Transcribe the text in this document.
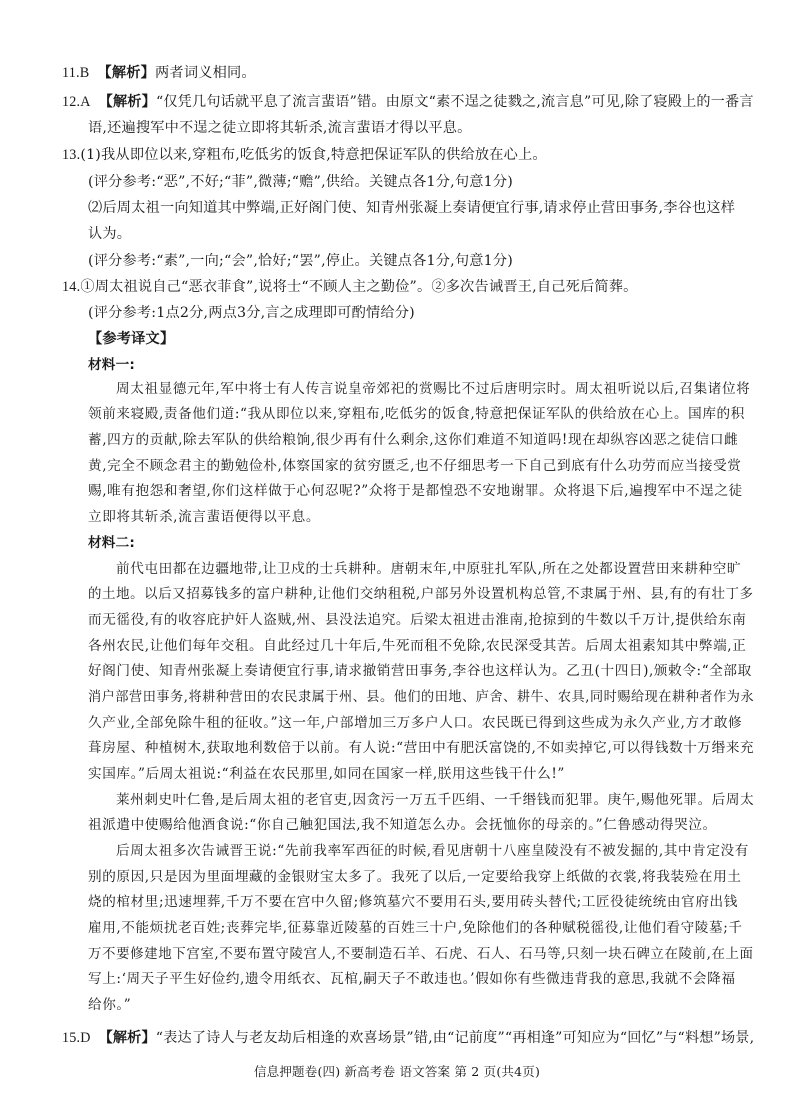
11.B 【解析】两者词义相同。
12.A 【解析】“仅凭几句话就平息了流言蜚语”错。由原文“素不逞之徒戮之,流言息”可见,除了寝殿上的一番言
语,还遍搜军中不逞之徒立即将其斩杀,流言蜚语才得以平息。
13.(1)我从即位以来,穿粗布,吃低劣的饭食,特意把保证军队的供给放在心上。
(评分参考:“恶”,不好;“菲”,微薄;“赡”,供给。关键点各1分,句意1分)
⑵后周太祖一向知道其中弊端,正好阁门使、知青州张凝上奏请便宜行事,请求停止营田事务,李谷也这样
认为。
(评分参考:“素”,一向;“会”,恰好;“罢”,停止。关键点各1分,句意1分)
14.①周太祖说自己“恶衣菲食”,说将士“不顾人主之勤俭”。②多次告诫晋王,自己死后简葬。
(评分参考:1点2分,两点3分,言之成理即可酌情给分)
【参考译文】
材料一:
周太祖显德元年,军中将士有人传言说皇帝郊祀的赏赐比不过后唐明宗时。周太祖听说以后,召集诸位将
领前来寝殿,责备他们道:“我从即位以来,穿粗布,吃低劣的饭食,特意把保证军队的供给放在心上。国库的积
蓄,四方的贡献,除去军队的供给粮饷,很少再有什么剩余,这你们难道不知道吗!现在却纵容凶恶之徒信口雌
黄,完全不顾念君主的勤勉俭朴,体察国家的贫穷匮乏,也不仔细思考一下自己到底有什么功劳而应当接受赏
赐,唯有抱怨和奢望,你们这样做于心何忍呢?”众将于是都惶恐不安地谢罪。众将退下后,遍搜军中不逞之徒
立即将其斩杀,流言蜚语便得以平息。
材料二:
前代屯田都在边疆地带,让卫戍的士兵耕种。唐朝末年,中原驻扎军队,所在之处都设置营田来耕种空旷
的土地。以后又招募钱多的富户耕种,让他们交纳租税,户部另外设置机构总管,不隶属于州、县,有的有壮丁多
而无徭役,有的收容庇护奸人盗贼,州、县没法追究。后梁太祖进击淮南,抢掠到的牛数以千万计,提供给东南
各州农民,让他们每年交租。自此经过几十年后,牛死而租不免除,农民深受其苦。后周太祖素知其中弊端,正
好阁门使、知青州张凝上奏请便宜行事,请求撤销营田事务,李谷也这样认为。乙丑(十四日),颁敕令:“全部取
消户部营田事务,将耕种营田的农民隶属于州、县。他们的田地、庐舍、耕牛、农具,同时赐给现在耕种者作为永
久产业,全部免除牛租的征收。”这一年,户部增加三万多户人口。农民既已得到这些成为永久产业,方才敢修
葺房屋、种植树木,获取地利数倍于以前。有人说:“营田中有肥沃富饶的,不如卖掉它,可以得钱数十万缗来充
实国库。”后周太祖说:“利益在农民那里,如同在国家一样,朕用这些钱干什么!”
莱州刺史叶仁鲁,是后周太祖的老官吏,因贪污一万五千匹绢、一千缗钱而犯罪。庚午,赐他死罪。后周太
祖派遣中使赐给他酒食说:“你自己触犯国法,我不知道怎么办。会抚恤你的母亲的。”仁鲁感动得哭泣。
后周太祖多次告诫晋王说:“先前我率军西征的时候,看见唐朝十八座皇陵没有不被发掘的,其中肯定没有
别的原因,只是因为里面埋藏的金银财宝太多了。我死了以后,一定要给我穿上纸做的衣裳,将我装殓在用土
烧的棺材里;迅速埋葬,千万不要在宫中久留;修筑墓穴不要用石头,要用砖头替代;工匠役徒统统由官府出钱
雇用,不能烦扰老百姓;丧葬完毕,征募靠近陵墓的百姓三十户,免除他们的各种赋税徭役,让他们看守陵墓;千
万不要修建地下宫室,不要布置守陵宫人,不要制造石羊、石虎、石人、石马等,只刻一块石碑立在陵前,在上面
写上:‘周天子平生好俭约,遗令用纸衣、瓦棺,嗣天子不敢违也。’假如你有些微违背我的意思,我就不会降福
给你。”
15.D 【解析】“表达了诗人与老友劫后相逢的欢喜场景”错,由“记前度”“再相逢”可知应为“回忆”与“料想”场景,
信息押题卷(四) 新高考卷 语文答案 第 2 页(共4页)
